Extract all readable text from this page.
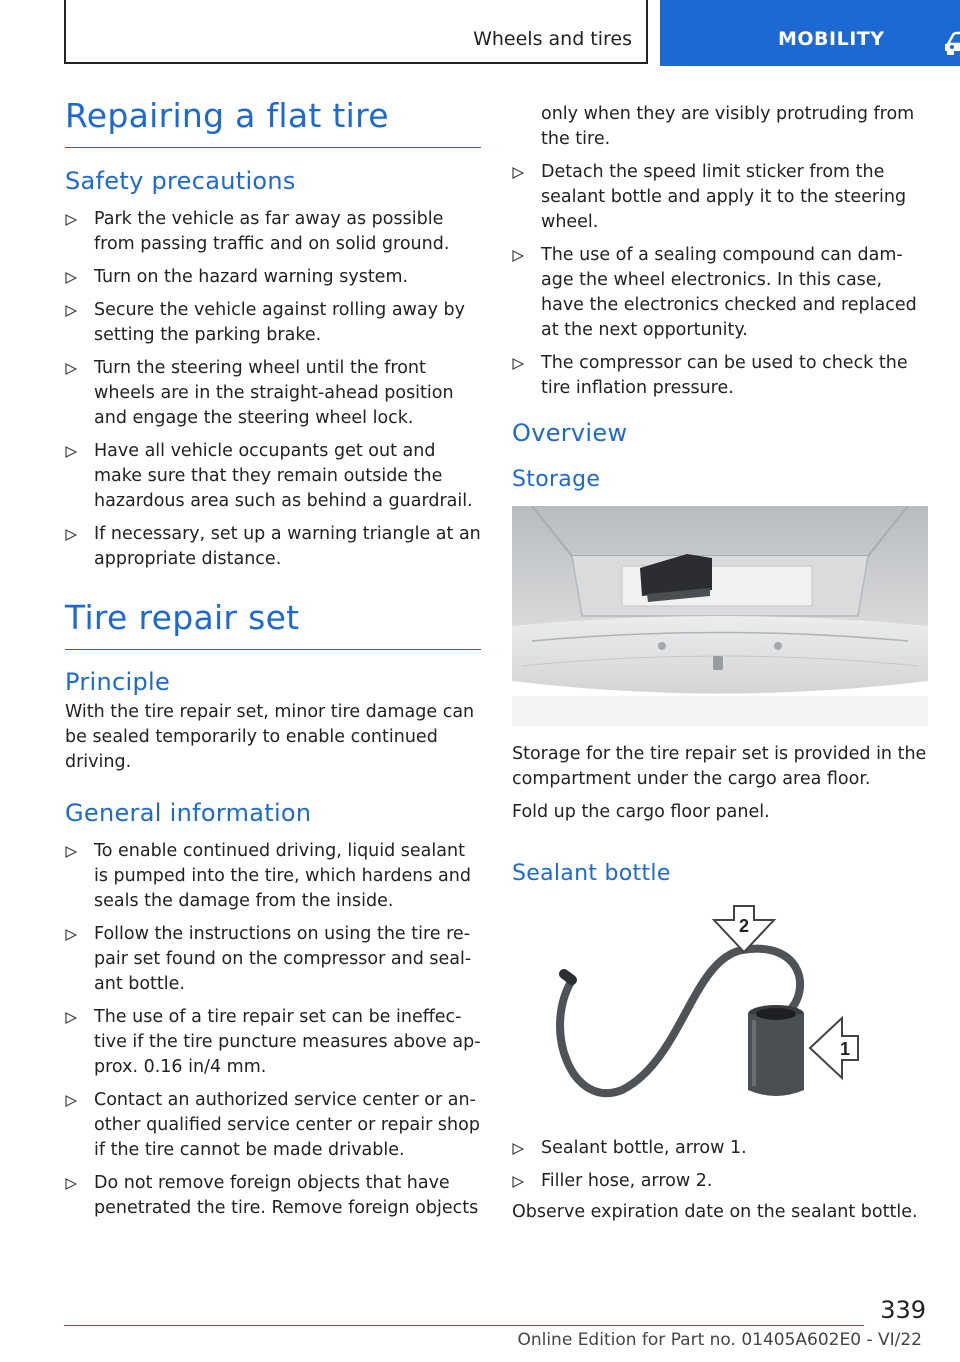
Wheels and tires	MOBILITY
Repairing a flat tire
Safety precautions
Park the vehicle as far away as possible from passing traffic and on solid ground.
Turn on the hazard warning system.
Secure the vehicle against rolling away by setting the parking brake.
Turn the steering wheel until the front wheels are in the straight-ahead position and engage the steering wheel lock.
Have all vehicle occupants get out and make sure that they remain outside the hazardous area such as behind a guardrail.
If necessary, set up a warning triangle at an appropriate distance.
Tire repair set
Principle

With the tire repair set, minor tire damage can be sealed temporarily to enable continued driving.

General information
To enable continued driving, liquid sealant is pumped into the tire, which hardens and seals the damage from the inside.
Follow the instructions on using the tire re‐pair set found on the compressor and seal‐ant bottle.
The use of a tire repair set can be ineffec‐tive if the tire puncture measures above ap‐prox. 0.16 in/4 mm.
Contact an authorized service center or an‐other qualified service center or repair shop if the tire cannot be made drivable.
Do not remove foreign objects that have penetrated the tire. Remove foreign objects

only when they are visibly protruding from the tire.

Detach the speed limit sticker from the sealant bottle and apply it to the steering wheel.
The use of a sealing compound can dam‐age the wheel electronics. In this case, have the electronics checked and replaced at the next opportunity.
The compressor can be used to check the tire inflation pressure.
Overview
Storage

Storage for the tire repair set is provided in the compartment under the cargo area floor.

Fold up the cargo floor panel.

Sealant bottle
2
1
Sealant bottle, arrow 1.
Filler hose, arrow 2.

Observe expiration date on the sealant bottle.

339
Online Edition for Part no. 01405A602E0 - VI/22
